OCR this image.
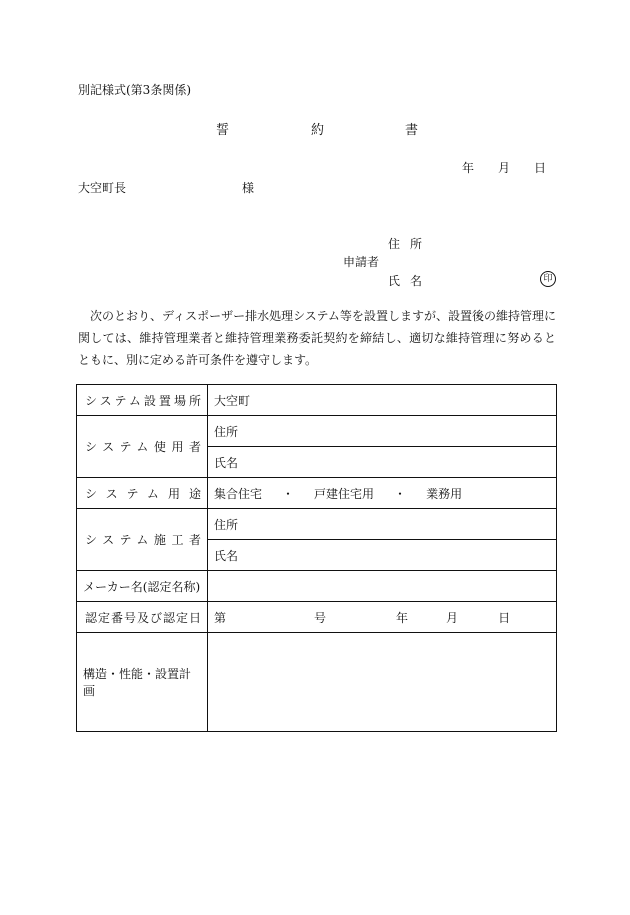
別記様式(第3条関係)
誓	約	書
年 月 日
大空町長	様
住所
申請者
氏名	印
次のとおり、ディスポーザー排水処理システム等を設置しますが、設置後の維持管理に関しては、維持管理業者と維持管理業務委託契約を締結し、適切な維持管理に努めるとともに、別に定める許可条件を遵守します。
システム設置場所	大空町
システム使用者	住所
	氏名
システム用途	集合住宅 ・ 戸建住宅用 ・ 業務用
システム施工者	住所
	氏名
メーカー名(認定名称)	
認定番号及び認定日	第 号 年 月 日
構造・性能・設置計画	
